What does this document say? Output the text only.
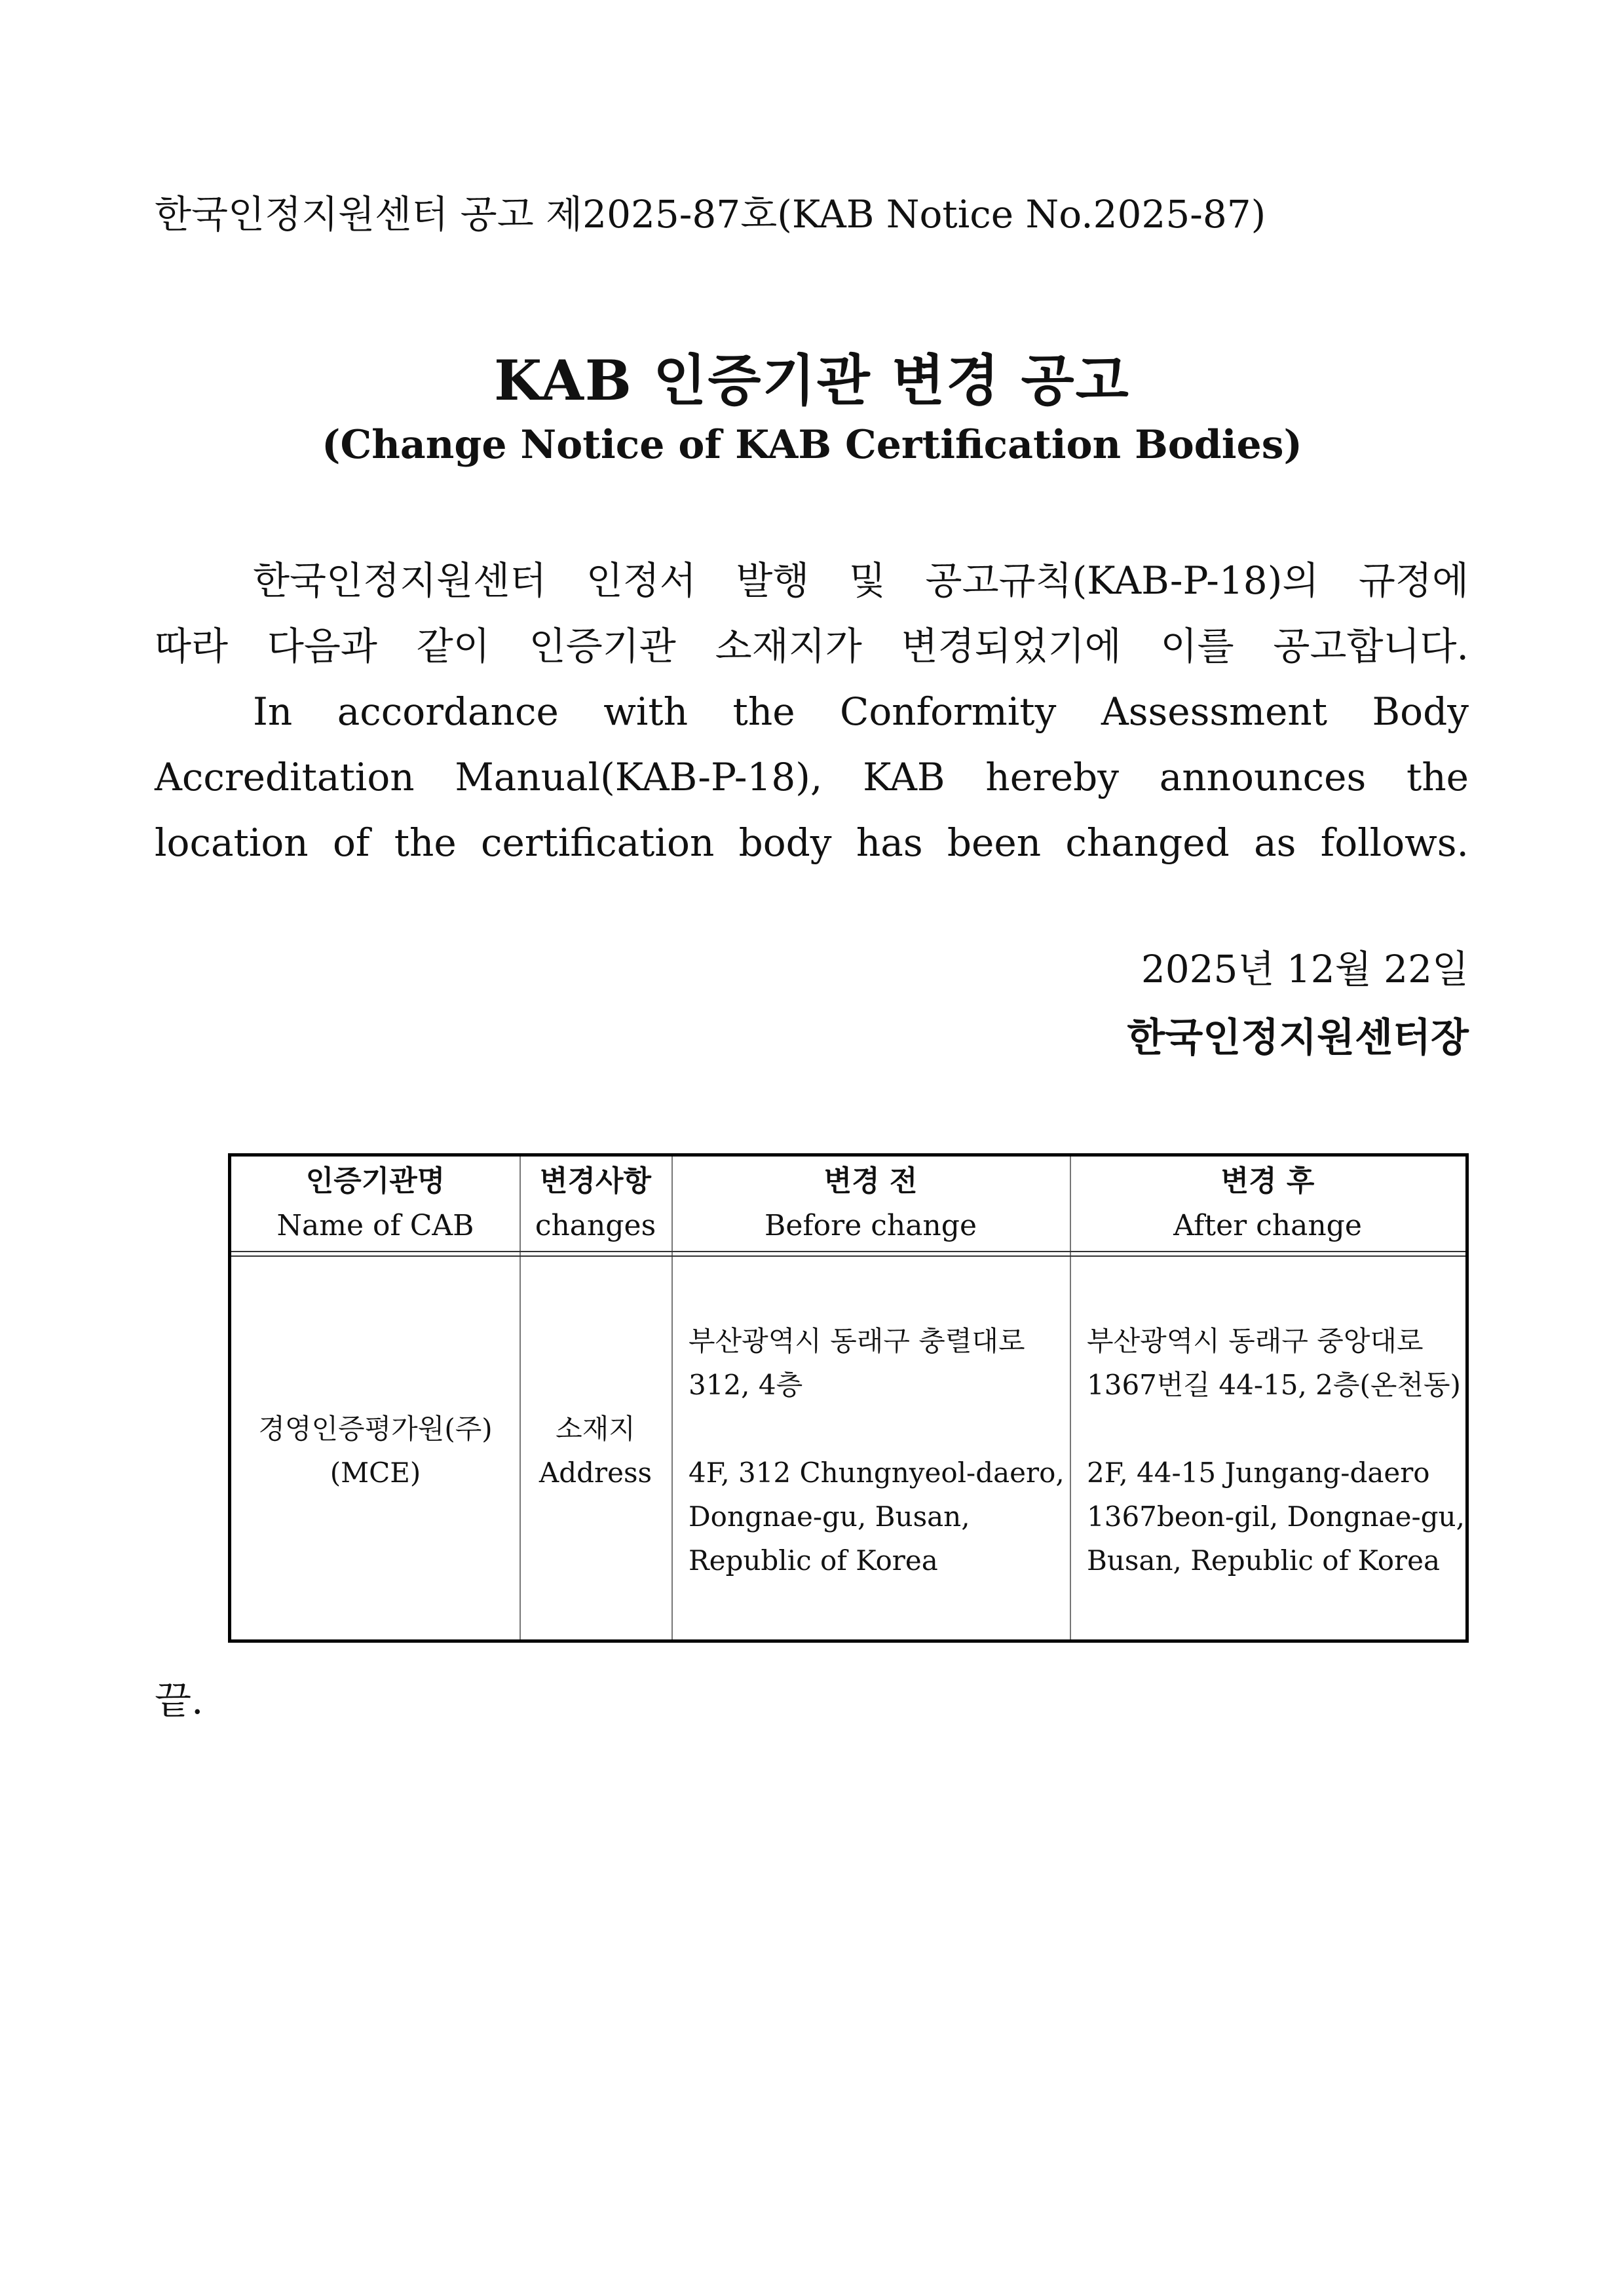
한국인정지원센터 공고 제2025-87호(KAB Notice No.2025-87)
KAB 인증기관 변경 공고
(Change Notice of KAB Certification Bodies)
한국인정지원센터 인정서 발행 및 공고규칙(KAB-P-18)의 규정에
따라 다음과 같이 인증기관 소재지가 변경되었기에 이를 공고합니다.
In accordance with the Conformity Assessment Body
Accreditation Manual(KAB-P-18), KAB hereby announces the
location of the certification body has been changed as follows.
2025년 12월 22일
한국인정지원센터장
인증기관명
Name of CAB
변경사항
changes
변경 전
Before change
변경 후
After change
경영인증평가원(주)
(MCE)
소재지
Address
부산광역시 동래구 충렬대로
312, 4층
4F, 312 Chungnyeol-daero,
Dongnae-gu, Busan,
Republic of Korea
부산광역시 동래구 중앙대로
1367번길 44-15, 2층(온천동)
2F, 44-15 Jungang-daero
1367beon-gil, Dongnae-gu,
Busan, Republic of Korea
끝.
